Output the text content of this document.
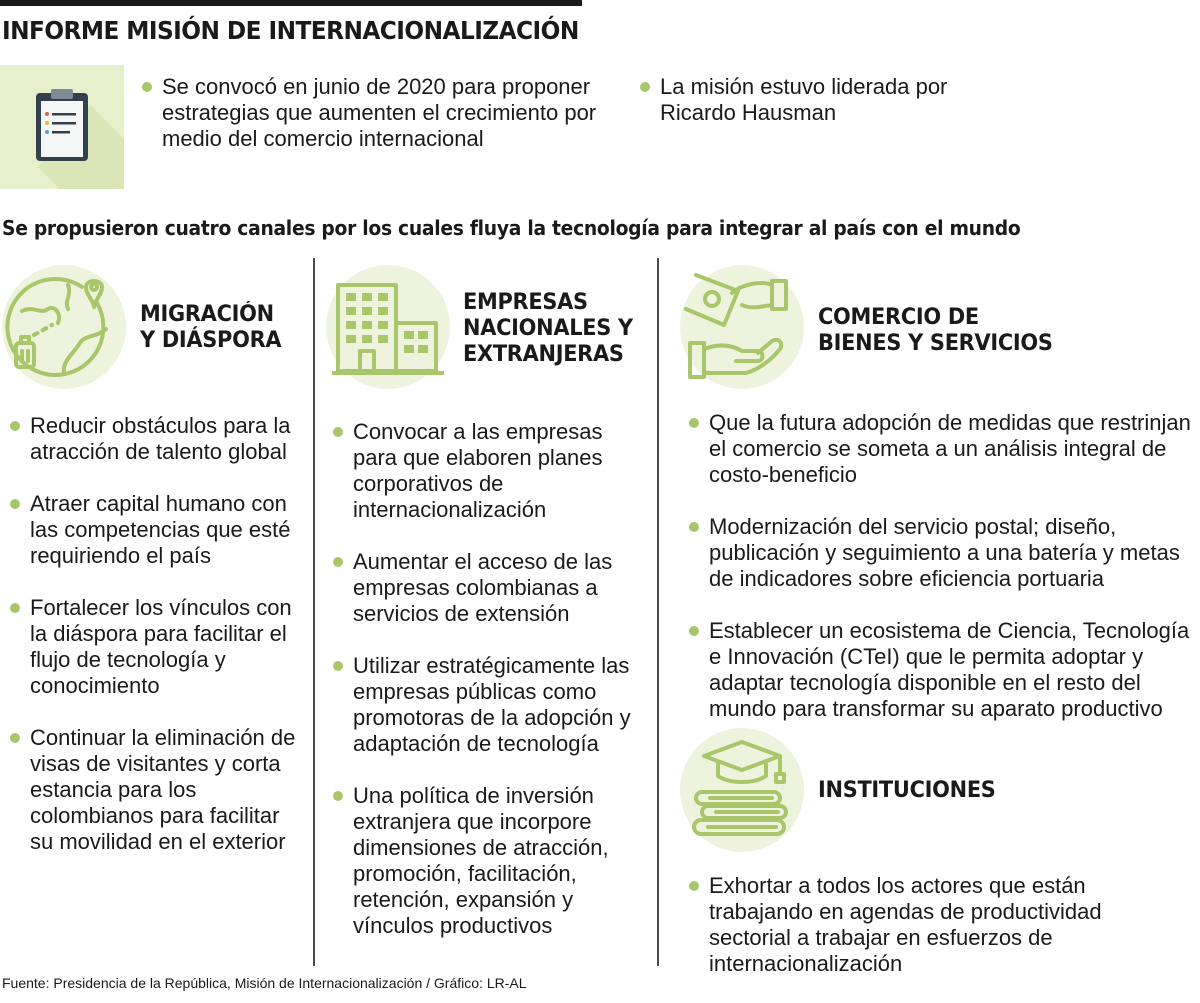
INFORME MISIÓN DE INTERNACIONALIZACIÓN

Se convocó en junio de 2020 para proponer estrategias que aumenten el crecimiento por medio del comercio internacional

La misión estuvo liderada por Ricardo Hausman

Se propusieron cuatro canales por los cuales fluya la tecnología para integrar al país con el mundo
MIGRACIÓN
Y DIÁSPORA
Reducir obstáculos para la atracción de talento global
Atraer capital humano con las competencias que esté requiriendo el país
Fortalecer los vínculos con la diáspora para facilitar el flujo de tecnología y conocimiento
Continuar la eliminación de visas de visitantes y corta estancia para los colombianos para facilitar su movilidad en el exterior
EMPRESAS
NACIONALES Y
EXTRANJERAS
Convocar a las empresas para que elaboren planes corporativos de internacionalización
Aumentar el acceso de las empresas colombianas a servicios de extensión
Utilizar estratégicamente las empresas públicas como promotoras de la adopción y adaptación de tecnología
Una política de inversión extranjera que incorpore dimensiones de atracción, promoción, facilitación, retención, expansión y vínculos productivos
COMERCIO DE
BIENES Y SERVICIOS
Que la futura adopción de medidas que restrinjan el comercio se someta a un análisis integral de costo-beneficio
Modernización del servicio postal; diseño, publicación y seguimiento a una batería y metas de indicadores sobre eficiencia portuaria
Establecer un ecosistema de Ciencia, Tecnología e Innovación (CTeI) que le permita adoptar y adaptar tecnología disponible en el resto del mundo para transformar su aparato productivo
INSTITUCIONES
Exhortar a todos los actores que están trabajando en agendas de productividad sectorial a trabajar en esfuerzos de internacionalización
Fuente: Presidencia de la República, Misión de Internacionalización / Gráfico: LR-AL
